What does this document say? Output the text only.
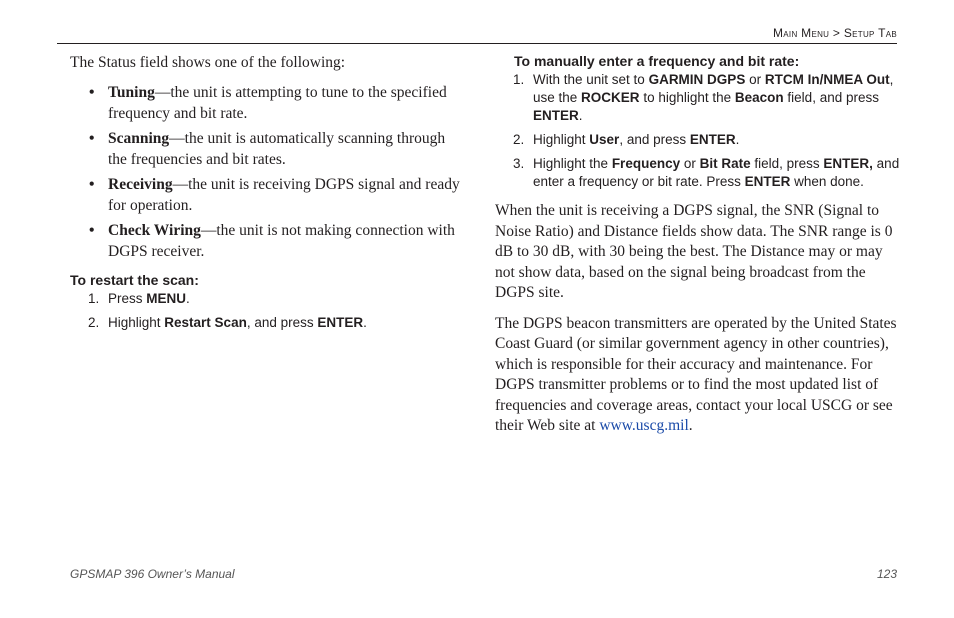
Main Menu > Setup Tab

The Status field shows one of the following:

• Tuning—the unit is attempting to tune to the specified frequency and bit rate.
• Scanning—the unit is automatically scanning through the frequencies and bit rates.
• Receiving—the unit is receiving DGPS signal and ready for operation.
• Check Wiring—the unit is not making connection with DGPS receiver.

To restart the scan:

1. Press MENU.
2. Highlight Restart Scan, and press ENTER.

To manually enter a frequency and bit rate:

1. With the unit set to GARMIN DGPS or RTCM In/NMEA Out, use the ROCKER to highlight the Beacon field, and press ENTER.
2. Highlight User, and press ENTER.
3. Highlight the Frequency or Bit Rate field, press ENTER, and enter a frequency or bit rate. Press ENTER when done.

When the unit is receiving a DGPS signal, the SNR (Signal to Noise Ratio) and Distance fields show data. The SNR range is 0 dB to 30 dB, with 30 being the best. The Distance may or may not show data, based on the signal being broadcast from the DGPS site.

The DGPS beacon transmitters are operated by the United States Coast Guard (or similar government agency in other countries), which is responsible for their accuracy and maintenance. For DGPS transmitter problems or to find the most updated list of frequencies and coverage areas, contact your local USCG or see their Web site at www.uscg.mil.

GPSMAP 396 Owner’s Manual	123
